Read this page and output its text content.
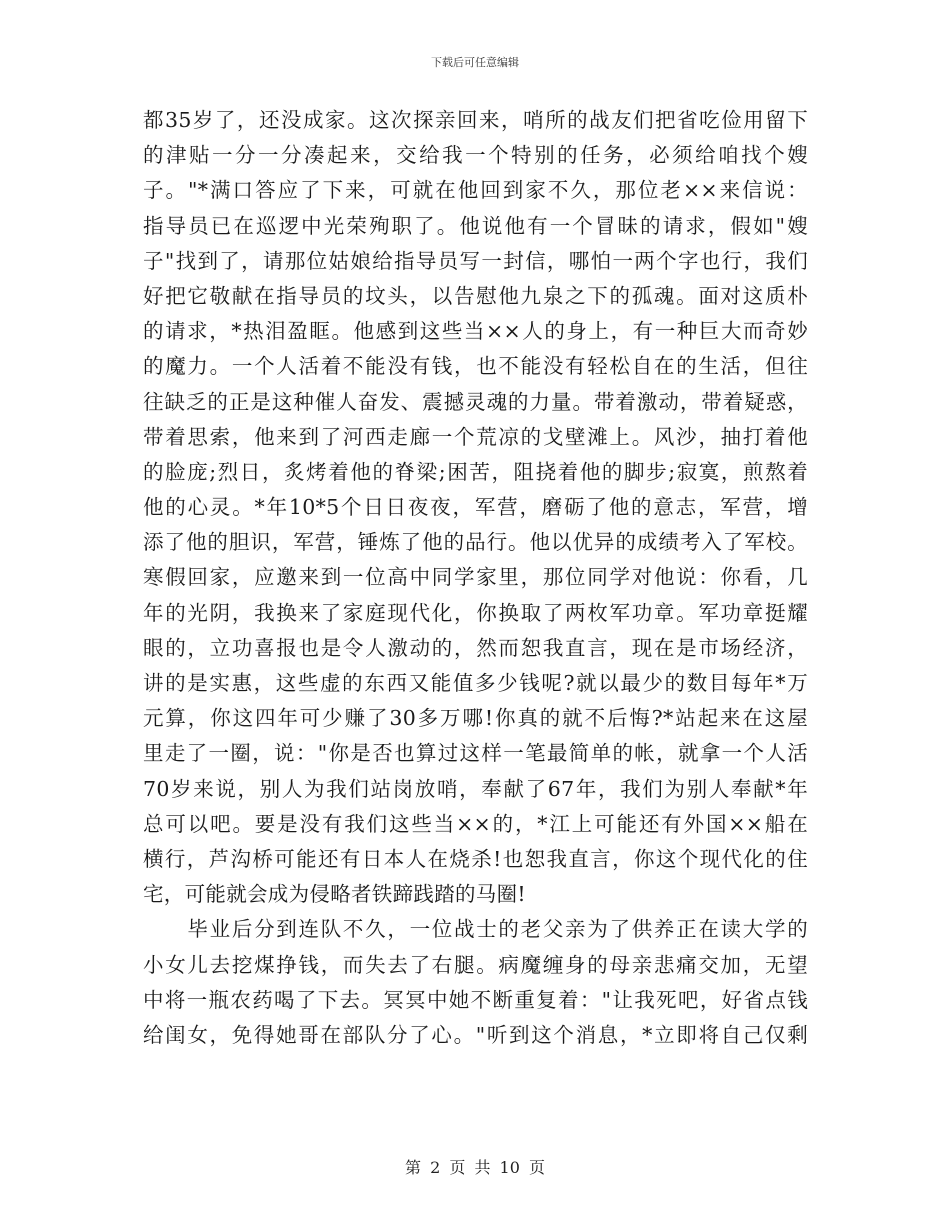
下载后可任意编辑
都35岁了，还没成家。这次探亲回来，哨所的战友们把省吃俭用留下
的津贴一分一分凑起来，交给我一个特别的任务，必须给咱找个嫂
子。"*满口答应了下来，可就在他回到家不久，那位老××来信说：
指导员已在巡逻中光荣殉职了。他说他有一个冒昧的请求，假如"嫂
子"找到了，请那位姑娘给指导员写一封信，哪怕一两个字也行，我们
好把它敬献在指导员的坟头，以告慰他九泉之下的孤魂。面对这质朴
的请求，*热泪盈眶。他感到这些当××人的身上，有一种巨大而奇妙
的魔力。一个人活着不能没有钱，也不能没有轻松自在的生活，但往
往缺乏的正是这种催人奋发、震撼灵魂的力量。带着激动，带着疑惑，
带着思索，他来到了河西走廊一个荒凉的戈壁滩上。风沙，抽打着他
的脸庞;烈日，炙烤着他的脊梁;困苦，阻挠着他的脚步;寂寞，煎熬着
他的心灵。*年10*5个日日夜夜，军营，磨砺了他的意志，军营，增
添了他的胆识，军营，锤炼了他的品行。他以优异的成绩考入了军校。
寒假回家，应邀来到一位高中同学家里，那位同学对他说：你看，几
年的光阴，我换来了家庭现代化，你换取了两枚军功章。军功章挺耀
眼的，立功喜报也是令人激动的，然而恕我直言，现在是市场经济，
讲的是实惠，这些虚的东西又能值多少钱呢?就以最少的数目每年*万
元算，你这四年可少赚了30多万哪!你真的就不后悔?*站起来在这屋
里走了一圈，说："你是否也算过这样一笔最简单的帐，就拿一个人活
70岁来说，别人为我们站岗放哨，奉献了67年，我们为别人奉献*年
总可以吧。要是没有我们这些当××的，*江上可能还有外国××船在
横行，芦沟桥可能还有日本人在烧杀!也恕我直言，你这个现代化的住
宅，可能就会成为侵略者铁蹄践踏的马圈!
　　毕业后分到连队不久，一位战士的老父亲为了供养正在读大学的
小女儿去挖煤挣钱，而失去了右腿。病魔缠身的母亲悲痛交加，无望
中将一瓶农药喝了下去。冥冥中她不断重复着："让我死吧，好省点钱
给闺女，免得她哥在部队分了心。"听到这个消息，*立即将自己仅剩
第 2 页 共 10 页
